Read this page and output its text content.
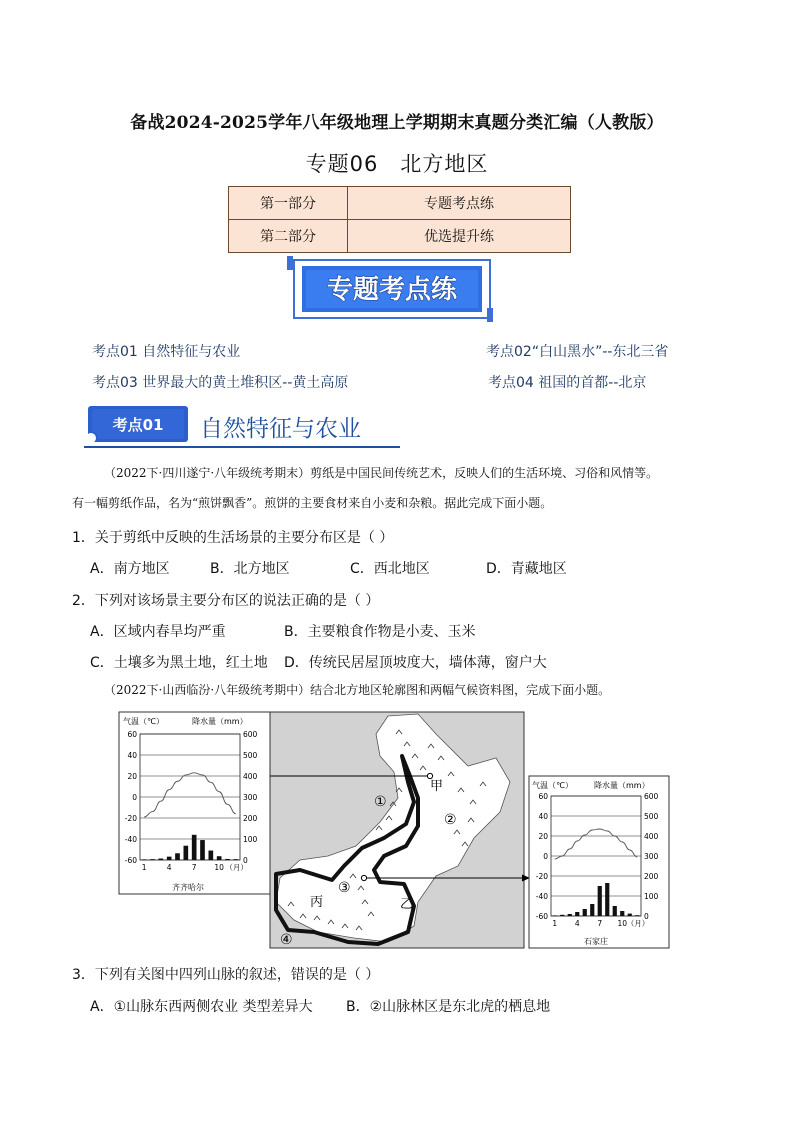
备战2024-2025学年八年级地理上学期期末真题分类汇编（人教版）
专题06　北方地区
第一部分	专题考点练
第二部分	优选提升练
专题考点练
考点01 自然特征与农业	考点02“白山黑水”--东北三省
考点03 世界最大的黄土堆积区--黄土高原	考点04 祖国的首都--北京
考点01 自然特征与农业
（2022下·四川遂宁·八年级统考期末）剪纸是中国民间传统艺术，反映人们的生活环境、习俗和风情等。
有一幅剪纸作品，名为“煎饼飘香”。煎饼的主要食材来自小麦和杂粮。据此完成下面小题。
1．关于剪纸中反映的生活场景的主要分布区是（ ）
A．南方地区	B．北方地区	C．西北地区	D．青藏地区
2．下列对该场景主要分布区的说法正确的是（ ）
A．区域内春旱均严重	B．主要粮食作物是小麦、玉米
C．土壤多为黑土地，红土地 D．传统民居屋顶坡度大，墙体薄，窗户大
（2022下·山西临汾·八年级统考期中）结合北方地区轮廓图和两幅气候资料图，完成下面小题。
甲
乙
丙
①
②
③
④
气温（℃）	降水量（mm）
齐齐哈尔
60	600
40	500
20	400
0	300
-20	200
-40	100
-60	0
1	4	7 10 （月）
气温（℃）	降水量（mm）
石家庄
60	600
40	500
20	400
0	300
-20	200
-40	100
-60	0
1 4 7 10 （月）
3．下列有关图中四列山脉的叙述，错误的是（ ）
A．①山脉东西两侧农业 类型差异大 B．②山脉林区是东北虎的栖息地
